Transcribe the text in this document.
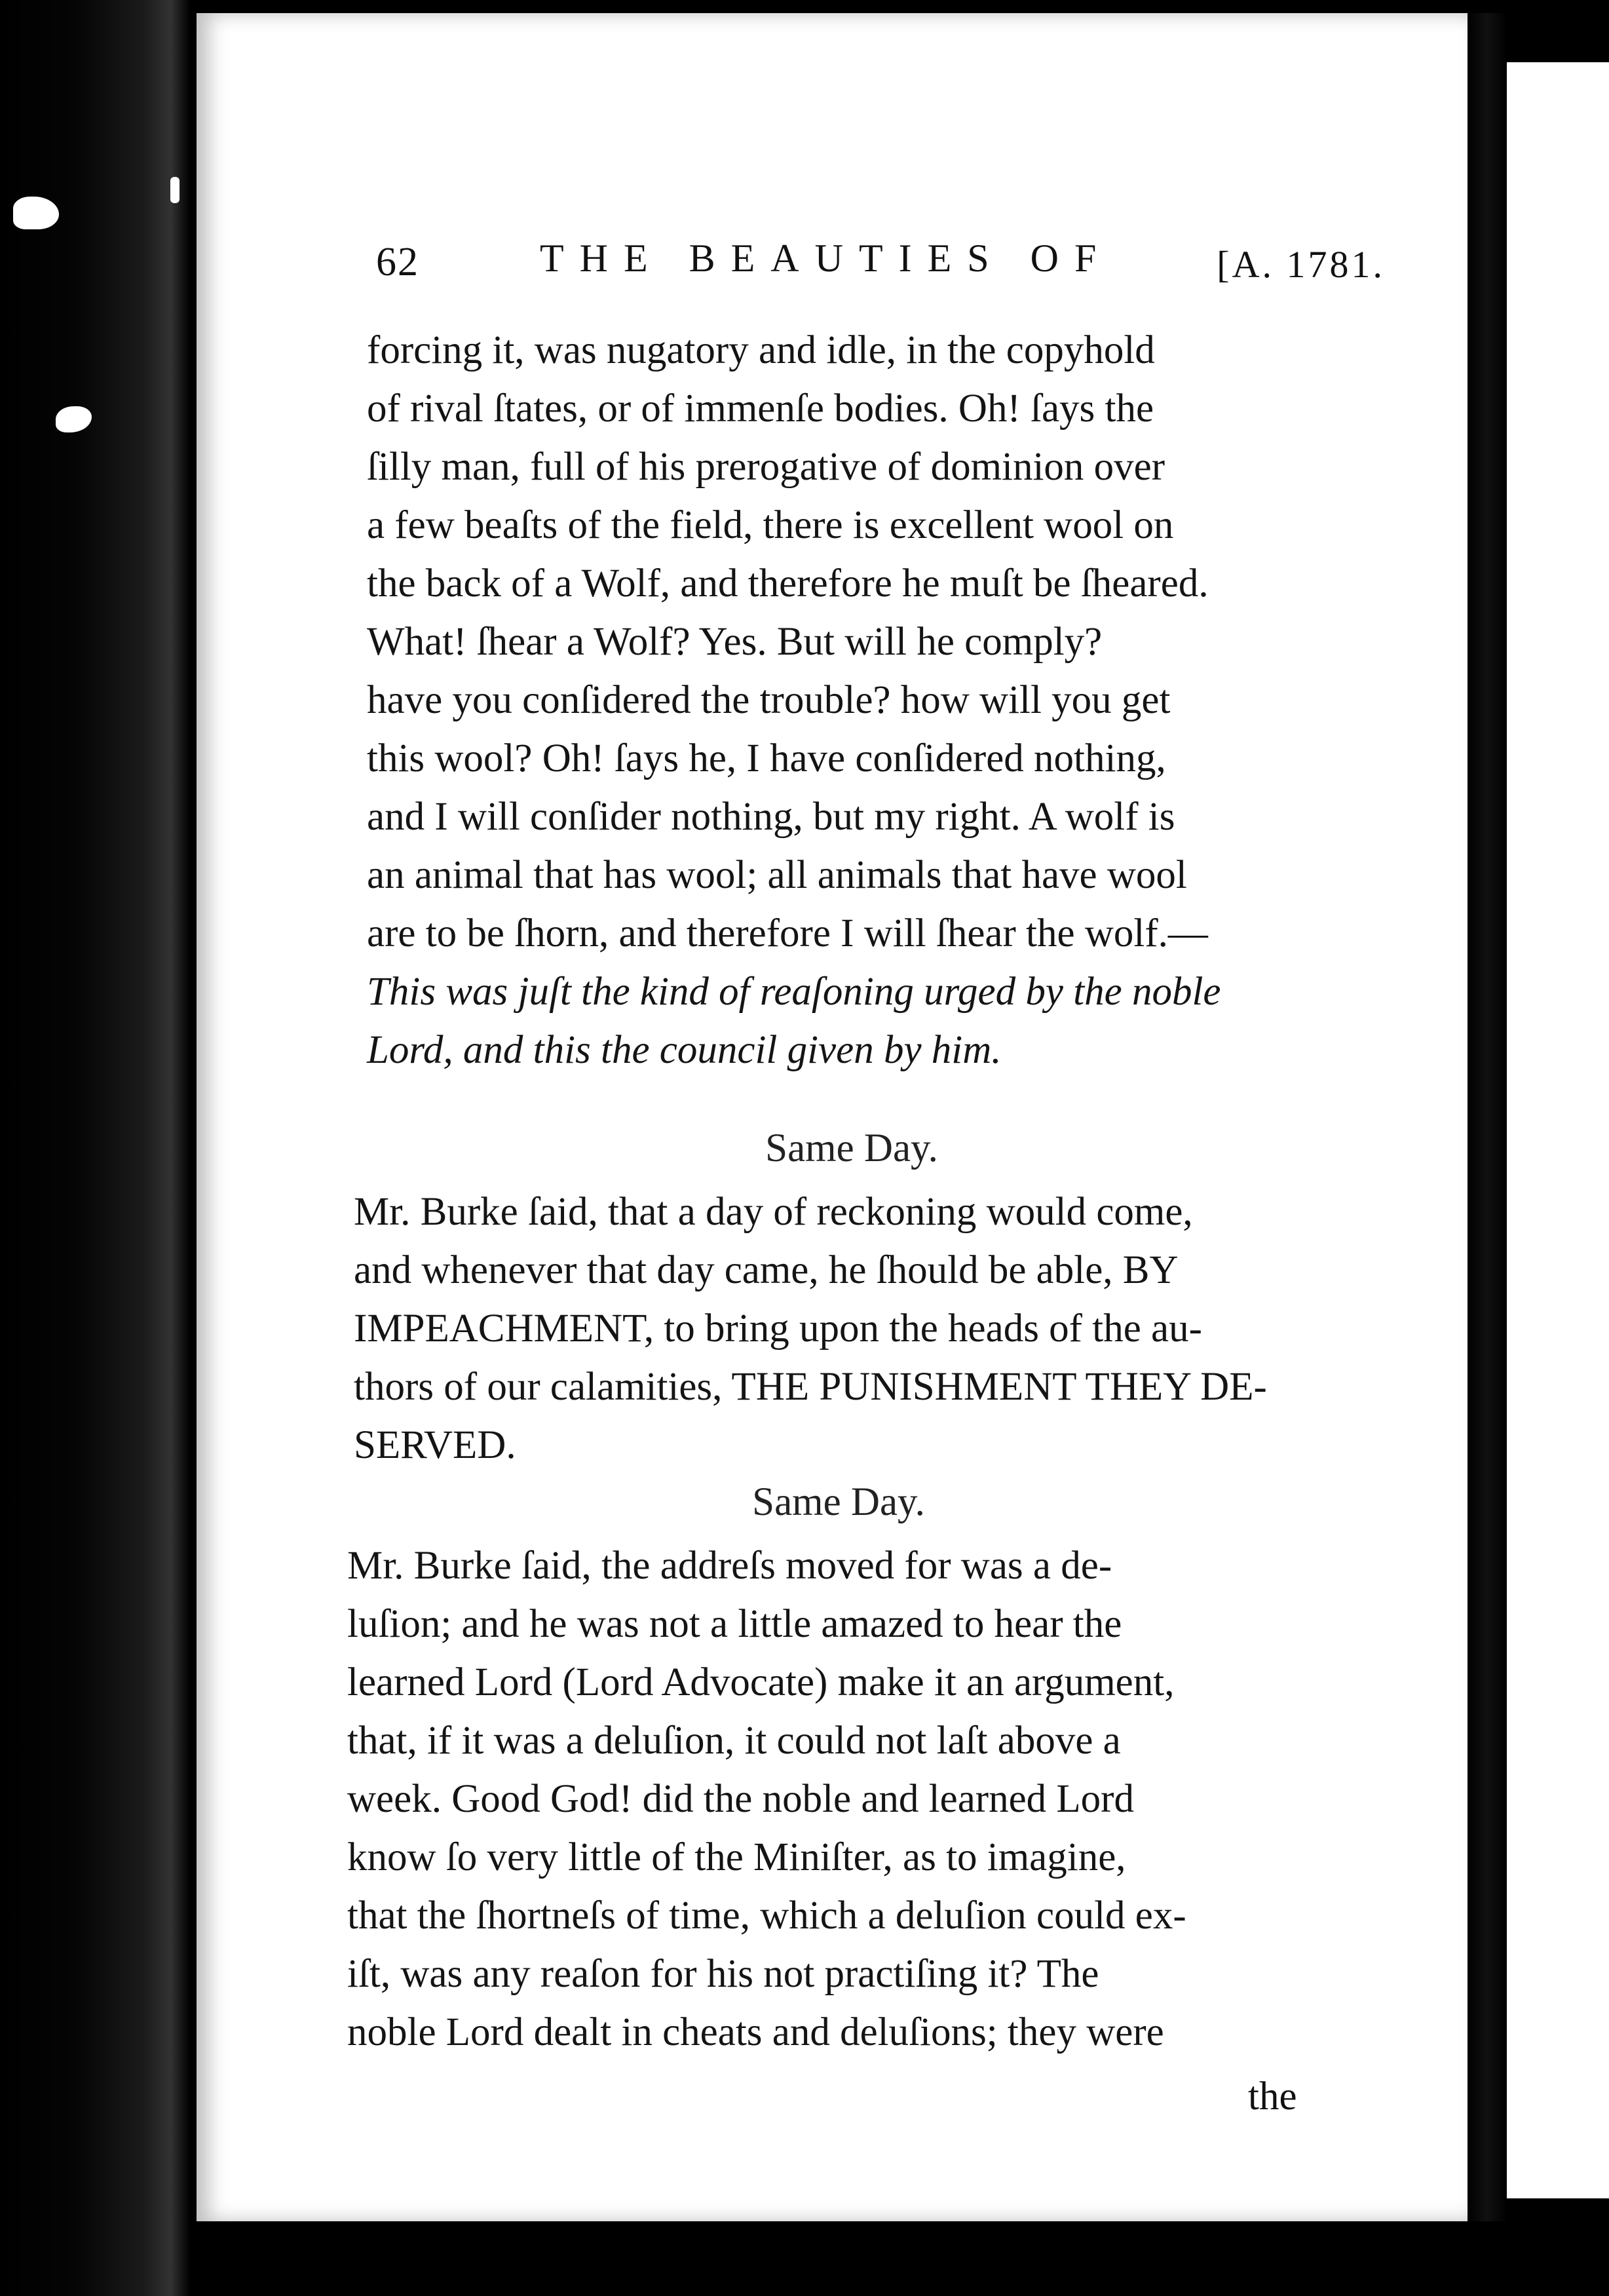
62	THE BEAUTIES OF	[A. 1781.
forcing it, was nugatory and idle, in the copyhold
of rival ſtates, or of immenſe bodies. Oh! ſays the
ſilly man, full of his prerogative of dominion over
a few beaſts of the field, there is excellent wool on
the back of a Wolf, and therefore he muſt be ſheared.
What! ſhear a Wolf? Yes. But will he comply?
have you conſidered the trouble? how will you get
this wool? Oh! ſays he, I have conſidered nothing,
and I will conſider nothing, but my right. A wolf is
an animal that has wool; all animals that have wool
are to be ſhorn, and therefore I will ſhear the wolf.—
This was juſt the kind of reaſoning urged by the noble
Lord, and this the council given by him.
Same Day.
Mr. Burke ſaid, that a day of reckoning would come,
and whenever that day came, he ſhould be able, BY
IMPEACHMENT, to bring upon the heads of the au-
thors of our calamities, THE PUNISHMENT THEY DE-
SERVED.
Same Day.
Mr. Burke ſaid, the addreſs moved for was a de-
luſion; and he was not a little amazed to hear the
learned Lord (Lord Advocate) make it an argument,
that, if it was a deluſion, it could not laſt above a
week. Good God! did the noble and learned Lord
know ſo very little of the Miniſter, as to imagine,
that the ſhortneſs of time, which a deluſion could ex-
iſt, was any reaſon for his not practiſing it? The
noble Lord dealt in cheats and deluſions; they were
the
